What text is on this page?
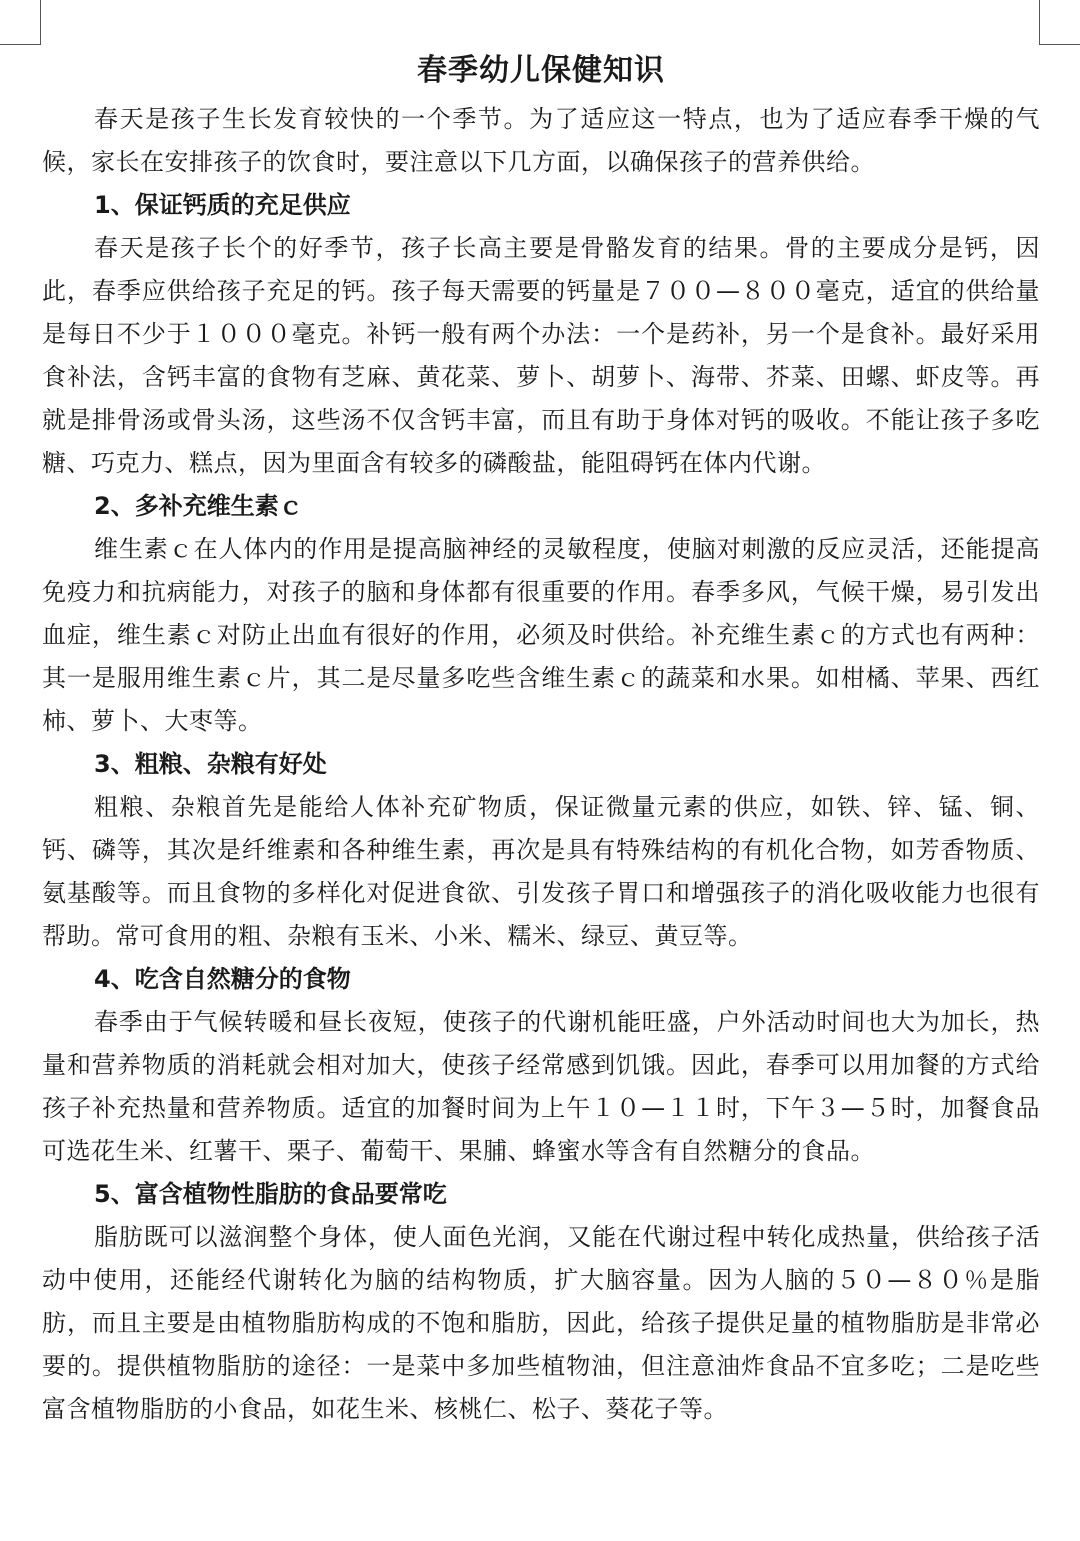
春季幼儿保健知识

春天是孩子生长发育较快的一个季节。为了适应这一特点，也为了适应春季干燥的气候，家长在安排孩子的饮食时，要注意以下几方面，以确保孩子的营养供给。

1、保证钙质的充足供应

春天是孩子长个的好季节，孩子长高主要是骨骼发育的结果。骨的主要成分是钙，因此，春季应供给孩子充足的钙。孩子每天需要的钙量是７００—８００毫克，适宜的供给量是每日不少于１０００毫克。补钙一般有两个办法：一个是药补，另一个是食补。最好采用食补法，含钙丰富的食物有芝麻、黄花菜、萝卜、胡萝卜、海带、芥菜、田螺、虾皮等。再就是排骨汤或骨头汤，这些汤不仅含钙丰富，而且有助于身体对钙的吸收。不能让孩子多吃糖、巧克力、糕点，因为里面含有较多的磷酸盐，能阻碍钙在体内代谢。

2、多补充维生素ｃ

维生素ｃ在人体内的作用是提高脑神经的灵敏程度，使脑对刺激的反应灵活，还能提高免疫力和抗病能力，对孩子的脑和身体都有很重要的作用。春季多风，气候干燥，易引发出血症，维生素ｃ对防止出血有很好的作用，必须及时供给。补充维生素ｃ的方式也有两种：其一是服用维生素ｃ片，其二是尽量多吃些含维生素ｃ的蔬菜和水果。如柑橘、苹果、西红柿、萝卜、大枣等。

3、粗粮、杂粮有好处

粗粮、杂粮首先是能给人体补充矿物质，保证微量元素的供应，如铁、锌、锰、铜、钙、磷等，其次是纤维素和各种维生素，再次是具有特殊结构的有机化合物，如芳香物质、氨基酸等。而且食物的多样化对促进食欲、引发孩子胃口和增强孩子的消化吸收能力也很有帮助。常可食用的粗、杂粮有玉米、小米、糯米、绿豆、黄豆等。

4、吃含自然糖分的食物

春季由于气候转暖和昼长夜短，使孩子的代谢机能旺盛，户外活动时间也大为加长，热量和营养物质的消耗就会相对加大，使孩子经常感到饥饿。因此，春季可以用加餐的方式给孩子补充热量和营养物质。适宜的加餐时间为上午１０—１１时，下午３—５时，加餐食品可选花生米、红薯干、栗子、葡萄干、果脯、蜂蜜水等含有自然糖分的食品。

5、富含植物性脂肪的食品要常吃

脂肪既可以滋润整个身体，使人面色光润，又能在代谢过程中转化成热量，供给孩子活动中使用，还能经代谢转化为脑的结构物质，扩大脑容量。因为人脑的５０—８０％是脂肪，而且主要是由植物脂肪构成的不饱和脂肪，因此，给孩子提供足量的植物脂肪是非常必要的。提供植物脂肪的途径：一是菜中多加些植物油，但注意油炸食品不宜多吃；二是吃些富含植物脂肪的小食品，如花生米、核桃仁、松子、葵花子等。
